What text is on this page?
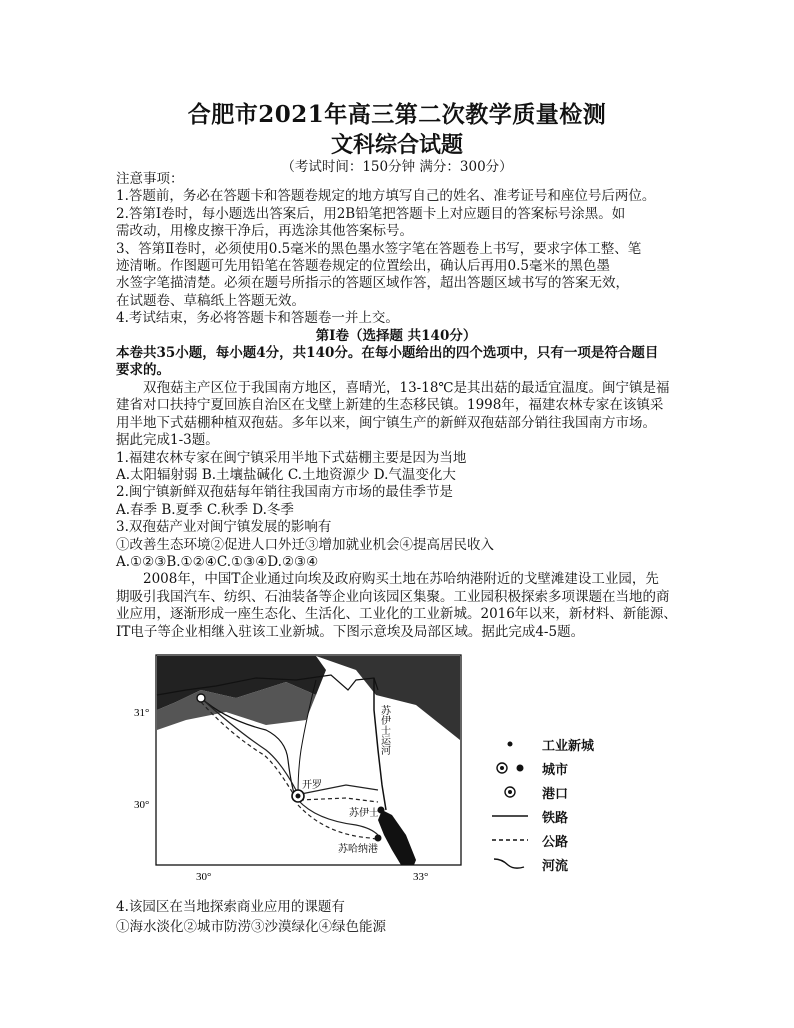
合肥市2021年高三第二次教学质量检测
文科综合试题
（考试时间：150分钟 满分：300分）

注意事项：

1.答题前，务必在答题卡和答题卷规定的地方填写自己的姓名、准考证号和座位号后两位。

2.答第Ⅰ卷时，每小题选出答案后，用2B铅笔把答题卡上对应题目的答案标号涂黑。如

需改动，用橡皮擦干净后，再选涂其他答案标号。

3、答第Ⅱ卷时，必须使用0.5毫米的黑色墨水签字笔在答题卷上书写，要求字体工整、笔

迹清晰。作图题可先用铅笔在答题卷规定的位置绘出，确认后再用0.5毫米的黑色墨

水签字笔描清楚。必须在题号所指示的答题区域作答，超出答题区域书写的答案无效，

在试题卷、草稿纸上答题无效。

4.考试结束，务必将答题卡和答题卷一并上交。

第Ⅰ卷（选择题 共140分）

本卷共35小题，每小题4分，共140分。在每小题给出的四个选项中，只有一项是符合题目

要求的。

双孢菇主产区位于我国南方地区，喜晴光，13-18℃是其出菇的最适宜温度。闽宁镇是福

建省对口扶持宁夏回族自治区在戈壁上新建的生态移民镇。1998年，福建农林专家在该镇采

用半地下式菇棚种植双孢菇。多年以来，闽宁镇生产的新鲜双孢菇部分销往我国南方市场。

据此完成1-3题。

1.福建农林专家在闽宁镇采用半地下式菇棚主要是因为当地

A.太阳辐射弱 B.土壤盐碱化 C.土地资源少 D.气温变化大

2.闽宁镇新鲜双孢菇每年销往我国南方市场的最佳季节是

A.春季 B.夏季 C.秋季 D.冬季

3.双孢菇产业对闽宁镇发展的影响有

①改善生态环境②促进人口外迁③增加就业机会④提高居民收入

A.①②③B.①②④C.①③④D.②③④

2008年，中国T企业通过向埃及政府购买土地在苏哈纳港附近的戈壁滩建设工业园，先

期吸引我国汽车、纺织、石油装备等企业向该园区集聚。工业园积极探索多项课题在当地的商

业应用，逐渐形成一座生态化、生活化、工业化的工业新城。2016年以来，新材料、新能源、

IT电子等企业相继入驻该工业新城。下图示意埃及局部区域。据此完成4-5题。

31°
30°
30°	33°
开罗
苏伊士
苏哈纳港
苏伊士运河	工业新城
城市
港口
铁路
公路
河流

4.该园区在当地探索商业应用的课题有

①海水淡化②城市防涝③沙漠绿化④绿色能源
